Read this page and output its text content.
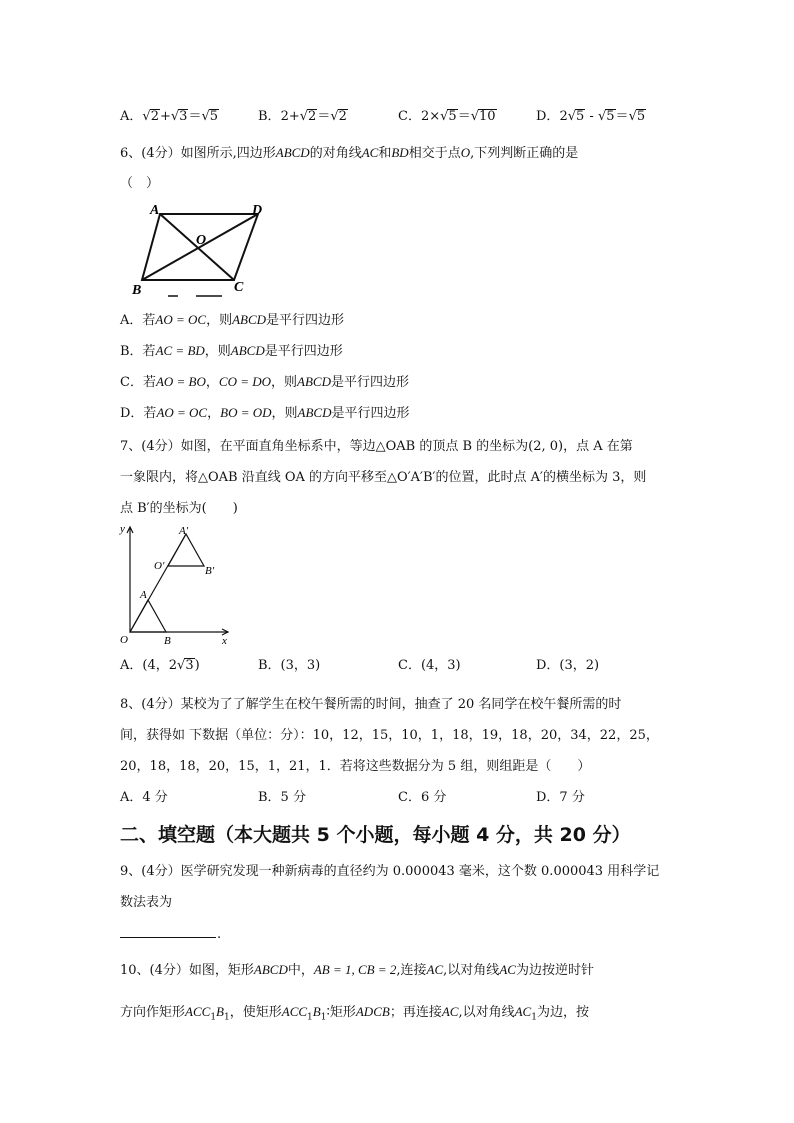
A．√2+√3＝√5	B．2+√2＝√2	C．2×√5＝√10	D．2√5 - √5＝√5
6、(4分）如图所示,四边形ABCD的对角线AC和BD相交于点O,下列判断正确的是
（　）
A	D
O
B	C
A．若AO = OC，则ABCD是平行四边形
B．若AC = BD，则ABCD是平行四边形
C．若AO = BO，CO = DO，则ABCD是平行四边形
D．若AO = OC，BO = OD，则ABCD是平行四边形
7、(4分）如图，在平面直角坐标系中，等边△OAB 的顶点 B 的坐标为(2, 0)，点 A 在第
一象限内，将△OAB 沿直线 OA 的方向平移至△O′A′B′的位置，此时点 A′的横坐标为 3，则
点 B′的坐标为(　　)
y
x
O	B
A
A′
O′	B′
A．(4，2√3)	B．(3，3)	C．(4，3)	D．(3，2)
8、(4分）某校为了了解学生在校午餐所需的时间，抽查了 20 名同学在校午餐所需的时
间，获得如 下数据（单位：分）：10，12，15，10，1，18，19，18，20，34，22，25，
20，18，18，20，15，1，21，1．若将这些数据分为 5 组，则组距是（　　）
A．4 分	B．5 分	C．6 分	D．7 分
二、填空题（本大题共 5 个小题，每小题 4 分，共 20 分）
9、(4分）医学研究发现一种新病毒的直径约为 0.000043 毫米，这个数 0.000043 用科学记
数法表为
.
10、(4分）如图，矩形ABCD中，AB = 1, CB = 2,连接AC,以对角线AC为边按逆时针
方向作矩形$ACC_1B_1$，使矩形$ACC_1B_1∶$矩形ADCB；再连接AC,以对角线$AC_1$为边，按
